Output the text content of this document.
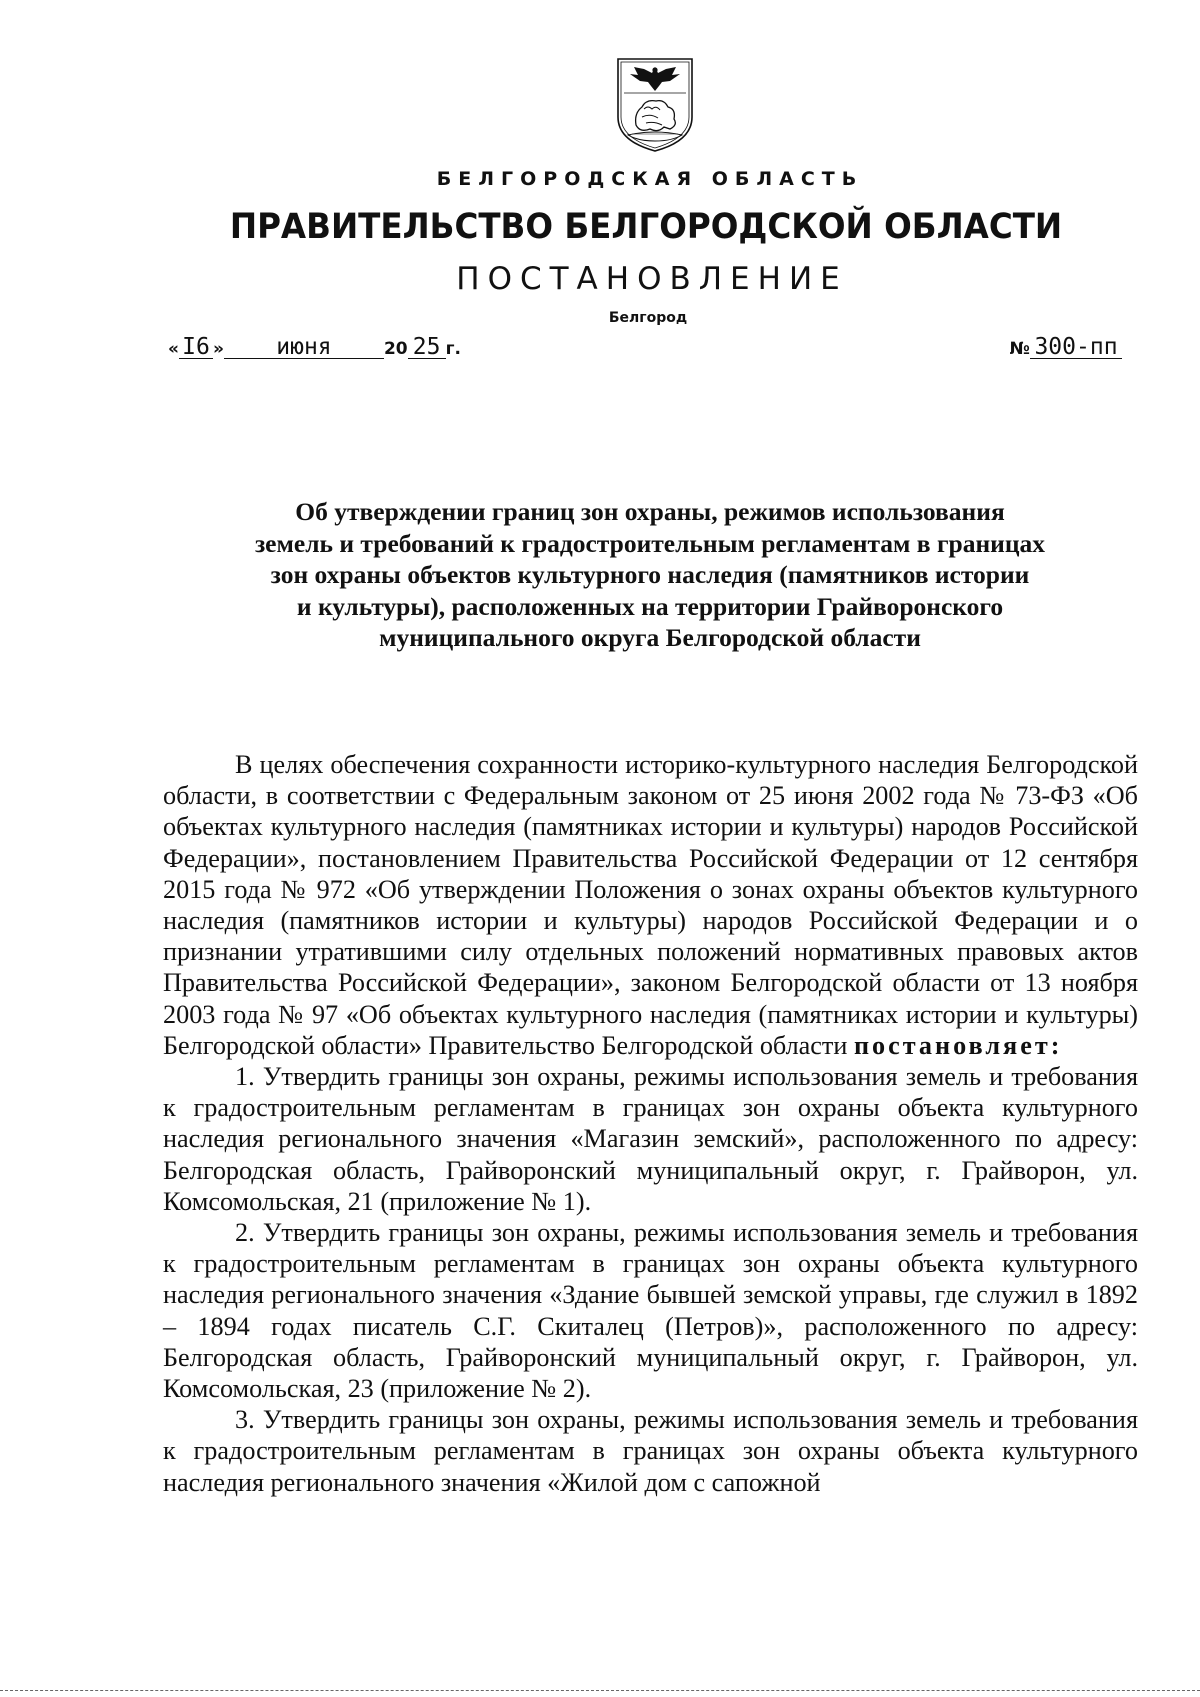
БЕЛГОРОДСКАЯ ОБЛАСТЬ
ПРАВИТЕЛЬСТВО БЕЛГОРОДСКОЙ ОБЛАСТИ
ПОСТАНОВЛЕНИЕ
Белгород
« I6 » июня	20 25 г.	№ 300-пп
Об утверждении границ зон охраны, режимов использования
земель и требований к градостроительным регламентам в границах
зон охраны объектов культурного наследия (памятников истории
и культуры), расположенных на территории Грайворонского
муниципального округа Белгородской области

В целях обеспечения сохранности историко-культурного наследия Белгородской области, в соответствии с Федеральным законом от 25 июня 2002 года № 73-ФЗ «Об объектах культурного наследия (памятниках истории и культуры) народов Российской Федерации», постановлением Правительства Российской Федерации от 12 сентября 2015 года № 972 «Об утверждении Положения о зонах охраны объектов культурного наследия (памятников истории и культуры) народов Российской Федерации и о признании утратившими силу отдельных положений нормативных правовых актов Правительства Российской Федерации», законом Белгородской области от 13 ноября 2003 года № 97 «Об объектах культурного наследия (памятниках истории и культуры) Белгородской области» Правительство Белгородской области постановляет:

1. Утвердить границы зон охраны, режимы использования земель и требования к градостроительным регламентам в границах зон охраны объекта культурного наследия регионального значения «Магазин земский», расположенного по адресу: Белгородская область, Грайворонский муниципальный округ, г. Грайворон, ул. Комсомольская, 21 (приложение № 1).

2. Утвердить границы зон охраны, режимы использования земель и требования к градостроительным регламентам в границах зон охраны объекта культурного наследия регионального значения «Здание бывшей земской управы, где служил в 1892 – 1894 годах писатель С.Г. Скиталец (Петров)», расположенного по адресу: Белгородская область, Грайворонский муниципальный округ, г. Грайворон, ул. Комсомольская, 23 (приложение № 2).

3. Утвердить границы зон охраны, режимы использования земель и требования к градостроительным регламентам в границах зон охраны объекта культурного наследия регионального значения «Жилой дом с сапожной
